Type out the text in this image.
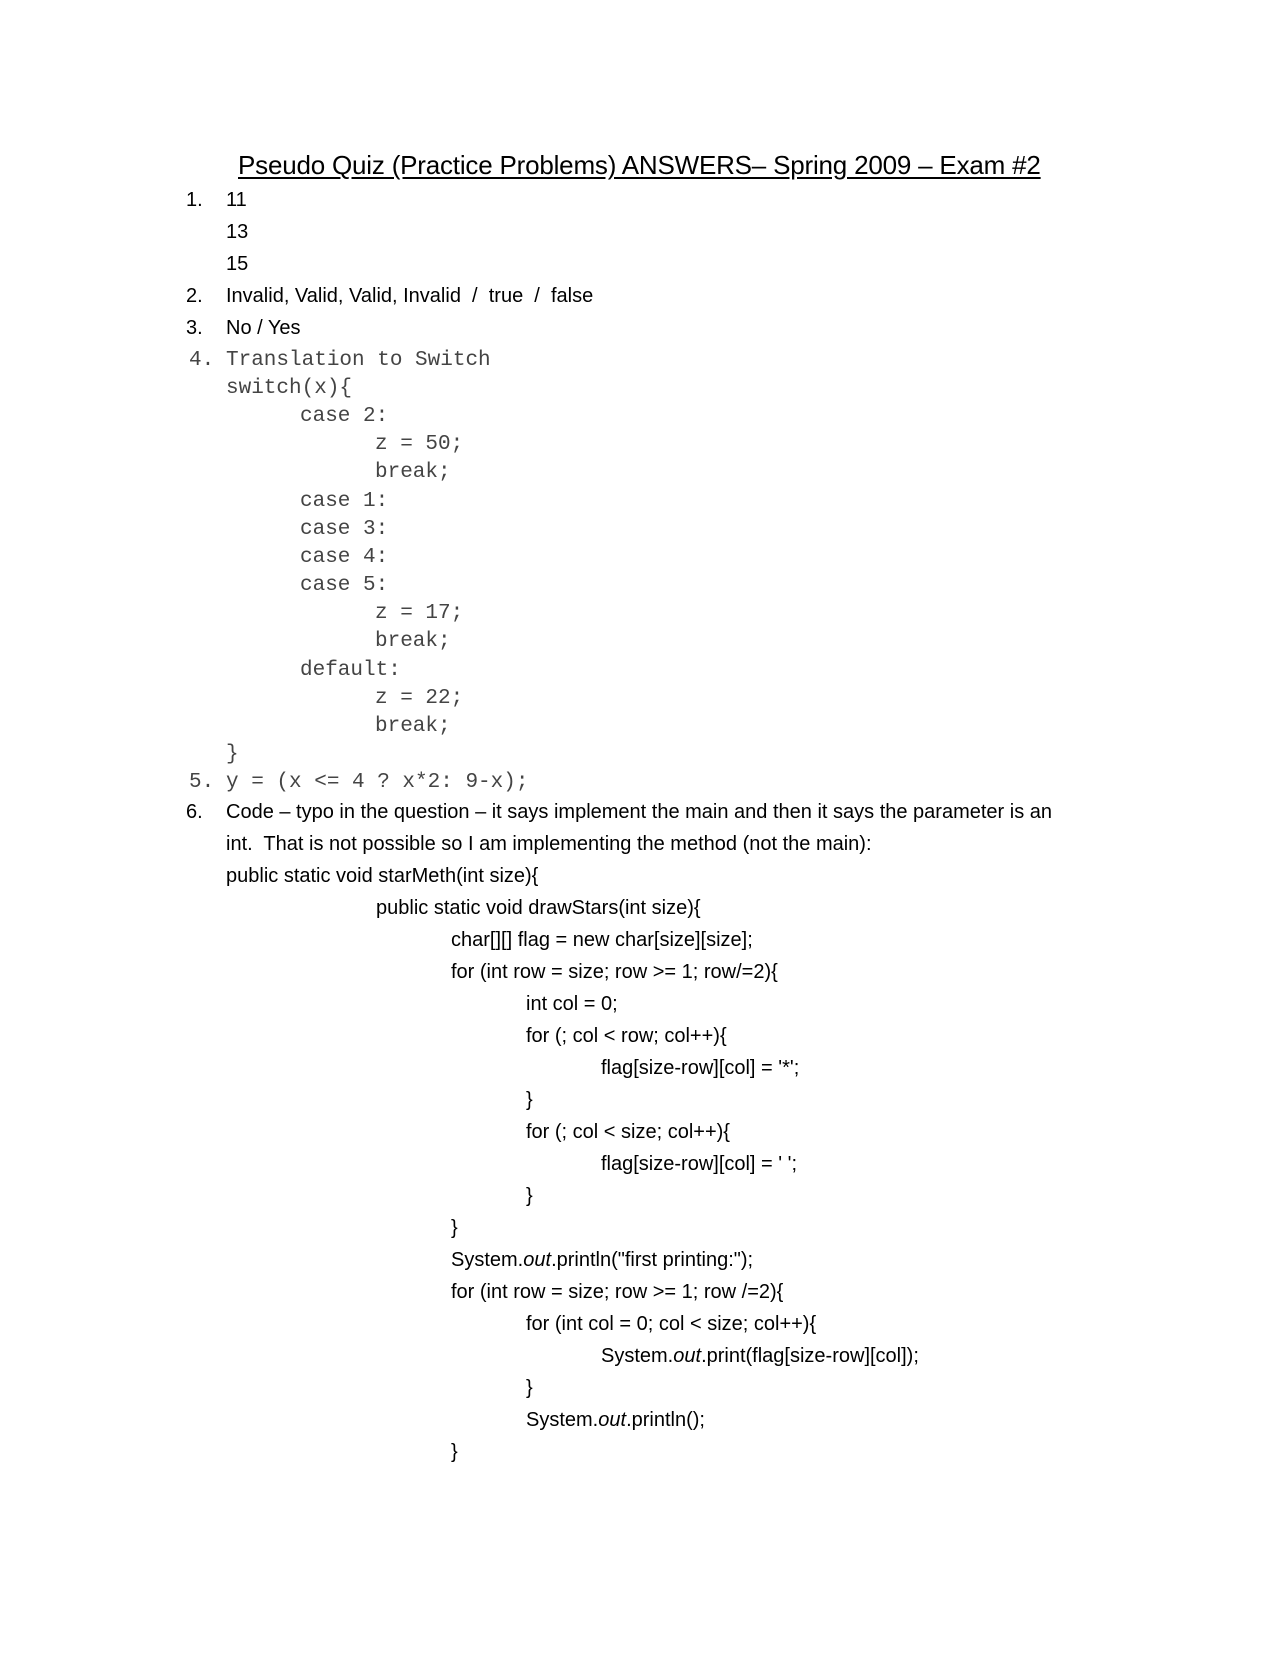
Pseudo Quiz (Practice Problems) ANSWERS– Spring 2009 – Exam #2
1. 11
13
15
2. Invalid, Valid, Valid, Invalid  /  true  /  false
3. No / Yes
4. Translation to Switch
switch(x){
case 2:
z = 50;
break;
case 1:
case 3:
case 4:
case 5:
z = 17;
break;
default:
z = 22;
break;
}
5. y = (x <= 4 ? x*2: 9-x);
6. Code – typo in the question – it says implement the main and then it says the parameter is an
int.  That is not possible so I am implementing the method (not the main):
public static void starMeth(int size){
public static void drawStars(int size){
char[][] flag = new char[size][size];
for (int row = size; row >= 1; row/=2){
int col = 0;
for (; col < row; col++){
flag[size-row][col] = '*';
}
for (; col < size; col++){
flag[size-row][col] = ' ';
}
}
System.out.println("first printing:");
for (int row = size; row >= 1; row /=2){
for (int col = 0; col < size; col++){
System.out.print(flag[size-row][col]);
}
System.out.println();
}
